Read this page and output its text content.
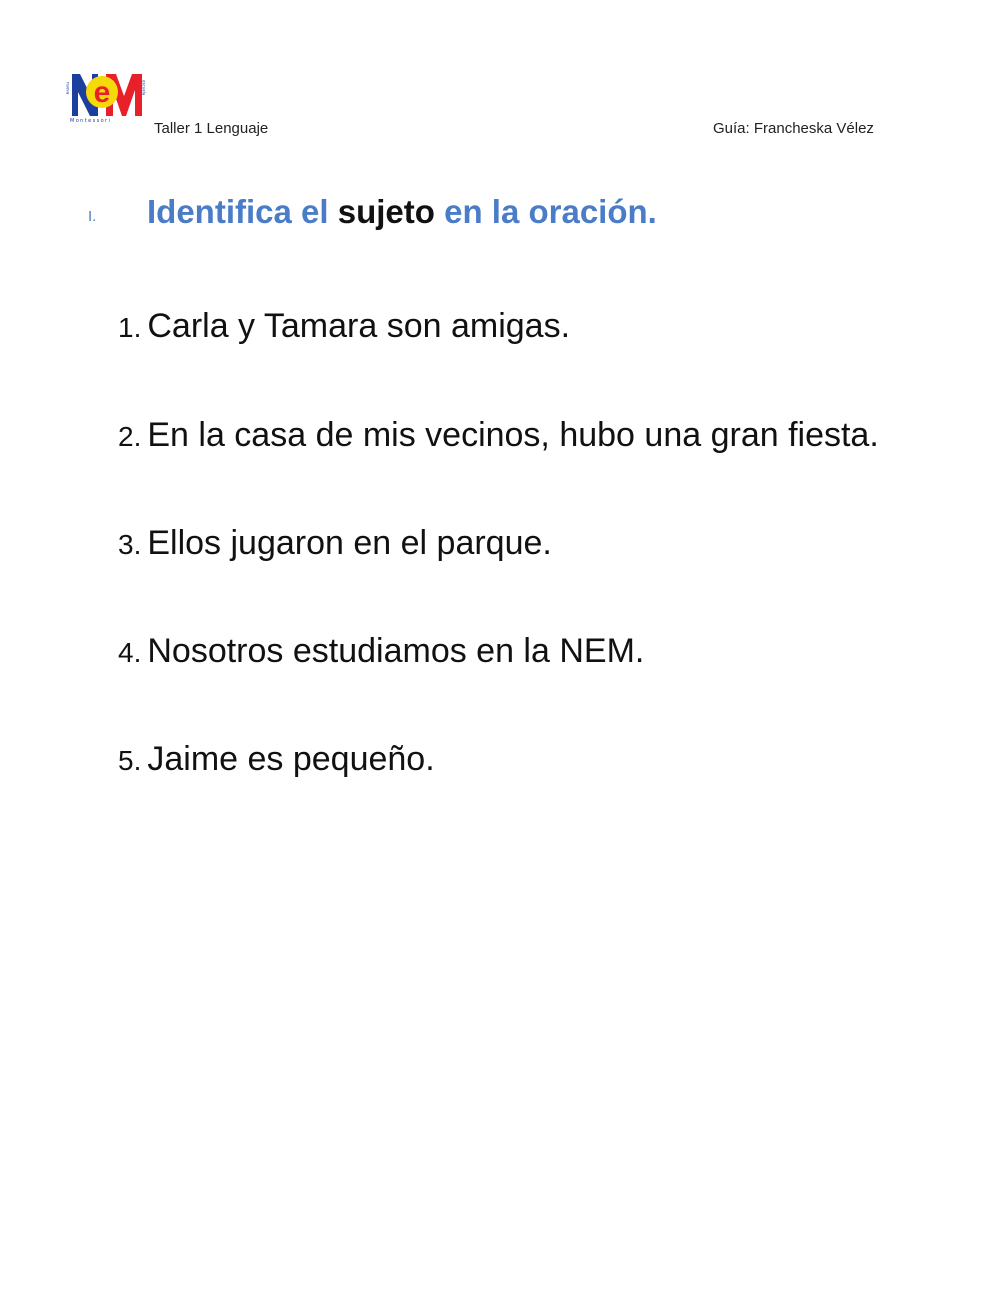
e
nueva	escuela
Montessori	Taller 1 Lenguaje	Guía: Francheska Vélez
I. Identifica el sujeto en la oración.
1. Carla y Tamara son amigas.
2. En la casa de mis vecinos, hubo una gran fiesta.
3. Ellos jugaron en el parque.
4. Nosotros estudiamos en la NEM.
5. Jaime es pequeño.
